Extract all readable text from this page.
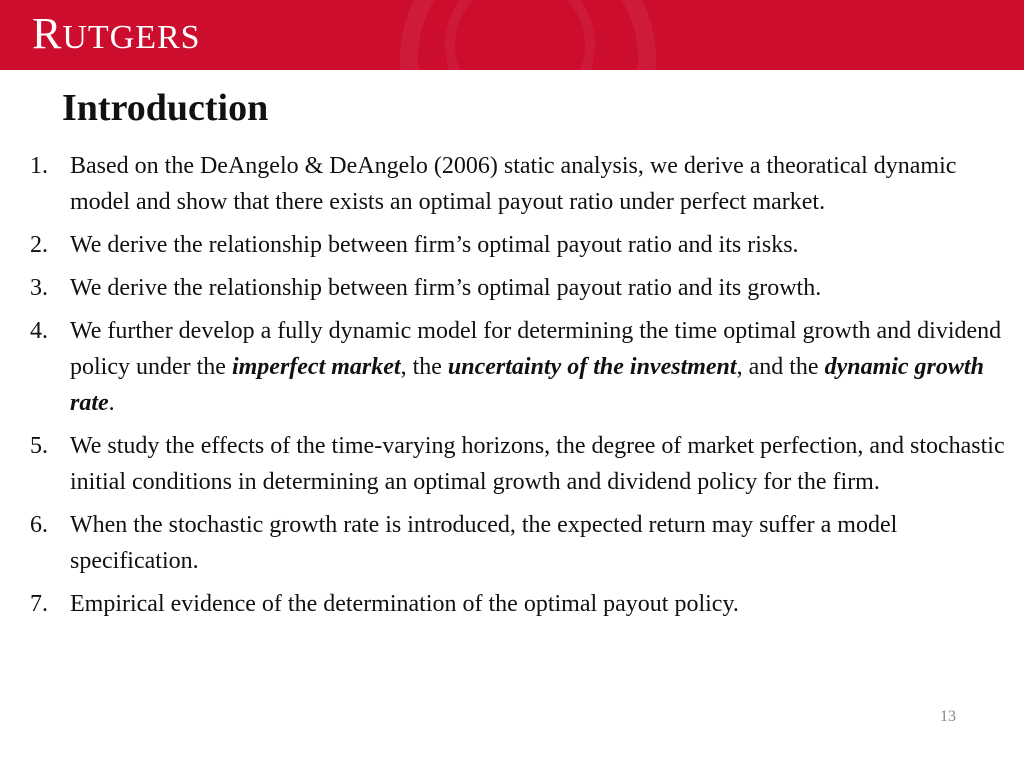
RUTGERS
Introduction
1. Based on the DeAngelo & DeAngelo (2006) static analysis, we derive a theoratical dynamic model and show that there exists an optimal payout ratio under perfect market.
2. We derive the relationship between firm’s optimal payout ratio and its risks.
3. We derive the relationship between firm’s optimal payout ratio and its growth.
4. We further develop a fully dynamic model for determining the time optimal growth and dividend policy under the imperfect market, the uncertainty of the investment, and the dynamic growth rate.
5. We study the effects of the time-varying horizons, the degree of market perfection, and stochastic initial conditions in determining an optimal growth and dividend policy for the firm.
6. When the stochastic growth rate is introduced, the expected return may suffer a model specification.
7. Empirical evidence of the determination of the optimal payout policy.
13
